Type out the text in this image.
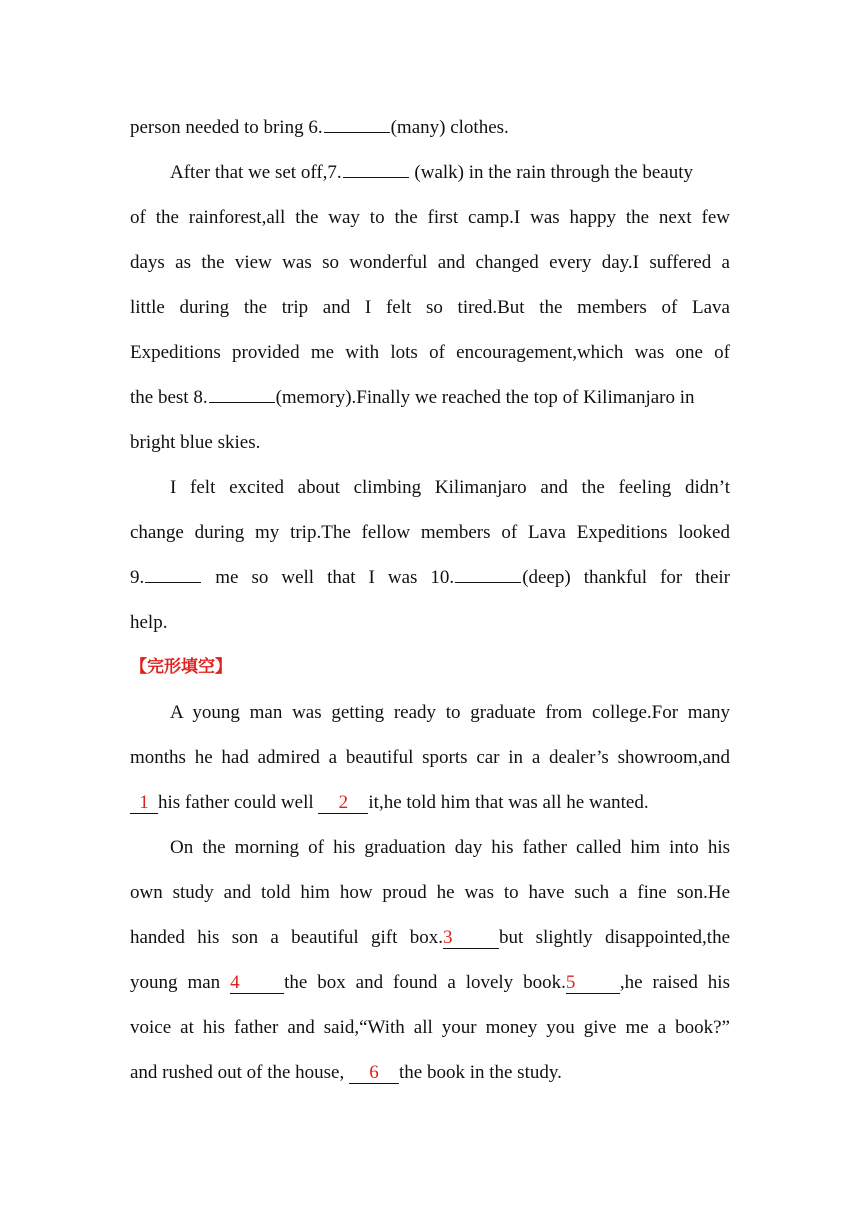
person needed to bring 6.	(many) clothes.
After that we set off,7.	(walk) in the rain through the beauty
of the rainforest,all the way to the first camp.I was happy the next few
days as the view was so wonderful and changed every day.I suffered a
little during the trip and I felt so tired.But the members of Lava
Expeditions provided me with lots of encouragement,which was one of
the best 8.	(memory).Finally we reached the top of Kilimanjaro in
bright blue skies.
I felt excited about climbing Kilimanjaro and the feeling didn’t
change during my trip.The fellow members of Lava Expeditions looked
9.	me so well that I was 10.	(deep) thankful for their
help.
【完形填空】
A young man was getting ready to graduate from college.For many
months he had admired a beautiful sports car in a dealer’s showroom,and
1 his father could well 2 it,he told him that was all he wanted.
On the morning of his graduation day his father called him into his
own study and told him how proud he was to have such a fine son.He
handed his son a beautiful gift box.3 but slightly disappointed,the
young man 4 the box and found a lovely book.5 ,he raised his
voice at his father and said,“With all your money you give me a book?”
and rushed out of the house, 6 the book in the study.
